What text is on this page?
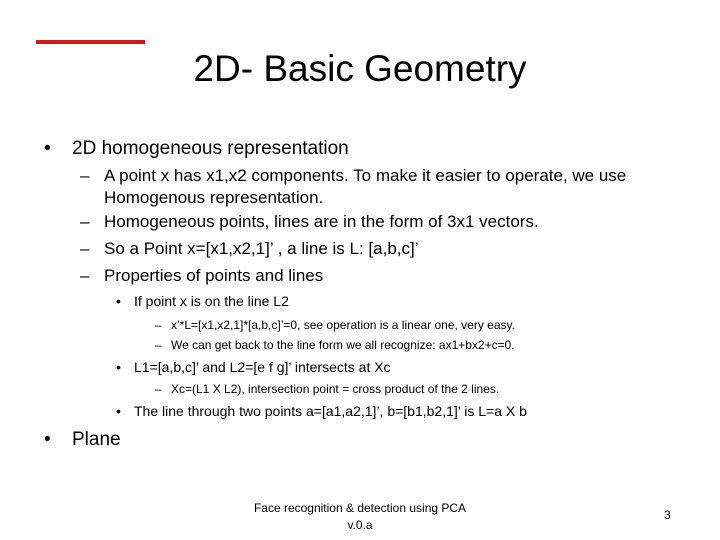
2D- Basic Geometry
• 2D homogeneous representation
– A point x has x1,x2 components. To make it easier to operate, we use
Homogenous representation.
– Homogeneous points, lines are in the form of 3x1 vectors.
– So a Point x=[x1,x2,1]’ , a line is L: [a,b,c]’
– Properties of points and lines
• If point x is on the line L2
– x’*L=[x1,x2,1]*[a,b,c]’=0, see operation is a linear one, very easy.
– We can get back to the line form we all recognize: ax1+bx2+c=0.
• L1=[a,b,c]’ and L2=[e f g]’ intersects at Xc
– Xc=(L1 X L2), intersection point = cross product of the 2 lines.
• The line through two points a=[a1,a2,1]’, b=[b1,b2,1]’ is L=a X b
• Plane
Face recognition & detection using PCA
v.0.a
3
